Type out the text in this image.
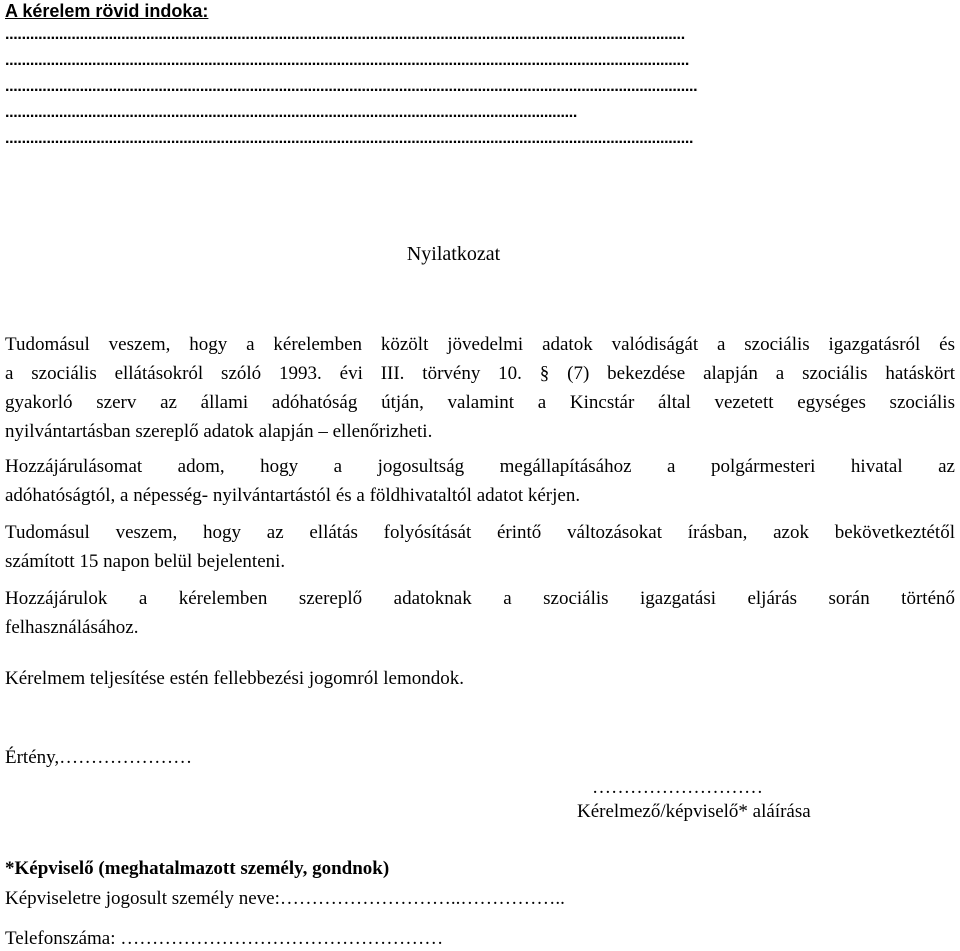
A kérelem rövid indoka:
....................................................................................................................................................................
.....................................................................................................................................................................
.......................................................................................................................................................................
..........................................................................................................................................
......................................................................................................................................................................
Nyilatkozat
Tudomásul veszem, hogy a kérelemben közölt jövedelmi adatok valódiságát a szociális igazgatásról és
a szociális ellátásokról szóló 1993. évi III. törvény 10. § (7) bekezdése alapján a szociális hatáskört
gyakorló szerv az állami adóhatóság útján, valamint a Kincstár által vezetett egységes szociális
nyilvántartásban szereplő adatok alapján – ellenőrizheti.
Hozzájárulásomat adom, hogy a jogosultság megállapításához a polgármesteri hivatal az
adóhatóságtól, a népesség- nyilvántartástól és a földhivataltól adatot kérjen.
Tudomásul veszem, hogy az ellátás folyósítását érintő változásokat írásban, azok bekövetkeztétől
számított 15 napon belül bejelenteni.
Hozzájárulok a kérelemben szereplő adatoknak a szociális igazgatási eljárás során történő
felhasználásához.
Kérelmem teljesítése estén fellebbezési jogomról lemondok.
Értény,…………………
………………………
Kérelmező/képviselő* aláírása
*Képviselő (meghatalmazott személy, gondnok)
Képviseletre jogosult személy neve:………………………..……………..
Telefonszáma: ……………………………………………
